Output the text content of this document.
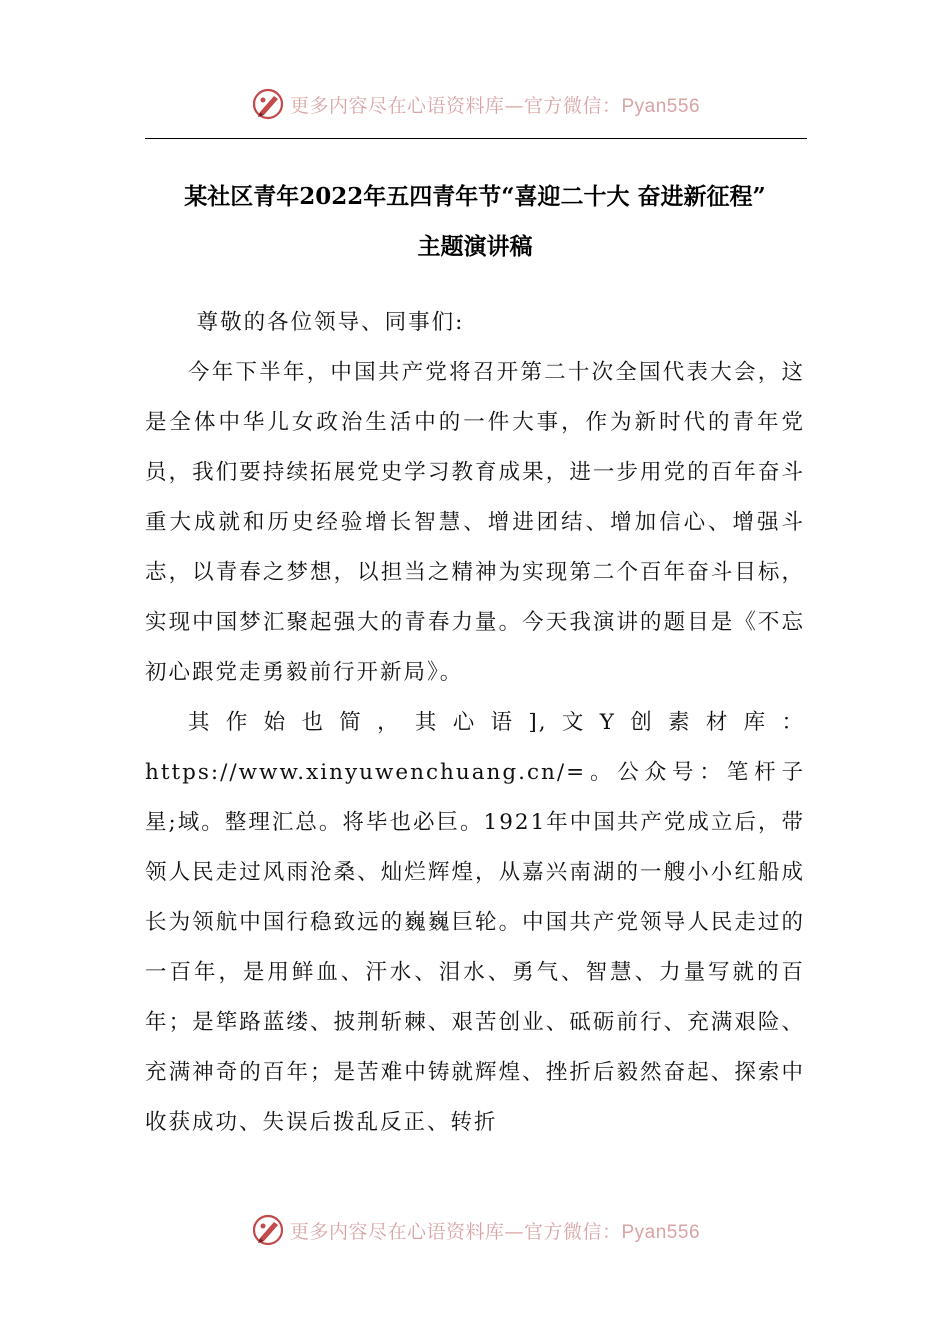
更多内容尽在心语资料库—官方微信：Pyan556
某社区青年2022年五四青年节“喜迎二十大 奋进新征程”
主题演讲稿

尊敬的各位领导、同事们:

今年下半年，中国共产党将召开第二十次全国代表大会，这是全体中华儿女政治生活中的一件大事，作为新时代的青年党员，我们要持续拓展党史学习教育成果，进一步用党的百年奋斗重大成就和历史经验增长智慧、增进团结、增加信心、增强斗志，以青春之梦想，以担当之精神为实现第二个百年奋斗目标，实现中国梦汇聚起强大的青春力量。今天我演讲的题目是《不忘初心跟党走勇毅前行开新局》。

其作始也简，其心语],文Y创素材库：https://www.xinyuwenchuang.cn/=。公众号：笔杆子星;域。整理汇总。将毕也必巨。1921年中国共产党成立后，带领人民走过风雨沧桑、灿烂辉煌，从嘉兴南湖的一艘小小红船成长为领航中国行稳致远的巍巍巨轮。中国共产党领导人民走过的一百年，是用鲜血、汗水、泪水、勇气、智慧、力量写就的百年；是筚路蓝缕、披荆斩棘、艰苦创业、砥砺前行、充满艰险、充满神奇的百年；是苦难中铸就辉煌、挫折后毅然奋起、探索中收获成功、失误后拨乱反正、转折

更多内容尽在心语资料库—官方微信：Pyan556
